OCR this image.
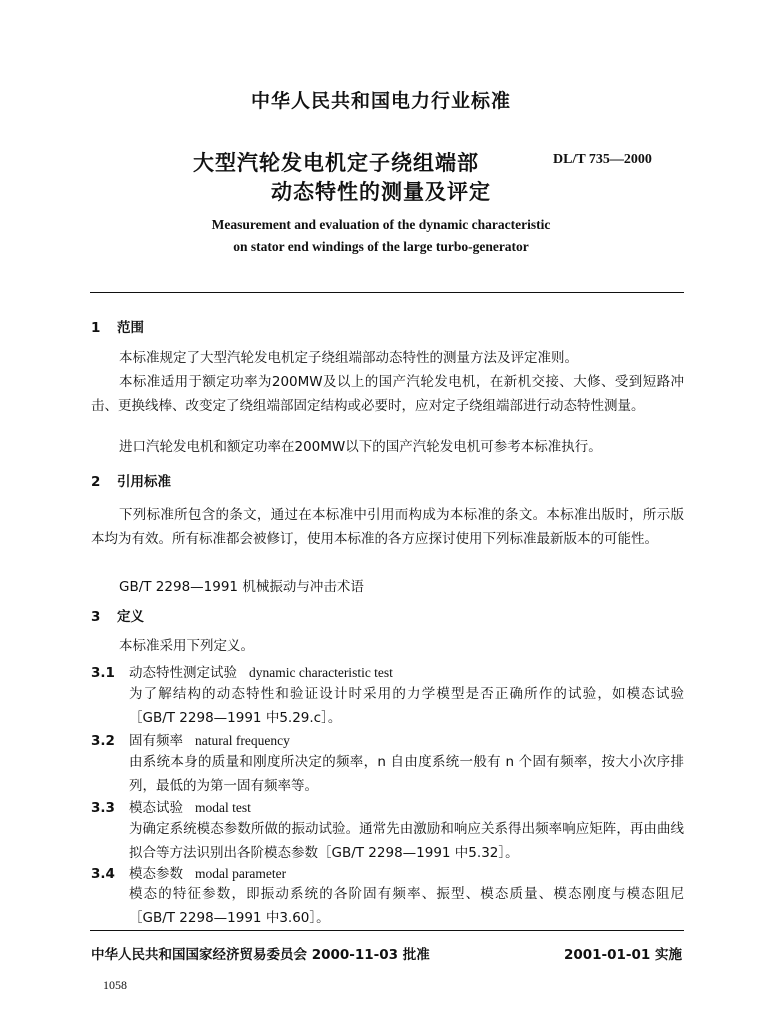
中华人民共和国电力行业标准
大型汽轮发电机定子绕组端部	DL/T 735—2000
动态特性的测量及评定
Measurement and evaluation of the dynamic characteristic
on stator end windings of the large turbo-generator
1 范围

本标准规定了大型汽轮发电机定子绕组端部动态特性的测量方法及评定准则。

本标准适用于额定功率为200MW及以上的国产汽轮发电机，在新机交接、大修、受到短路冲击、更换线棒、改变定了绕组端部固定结构或必要时，应对定子绕组端部进行动态特性测量。

进口汽轮发电机和额定功率在200MW以下的国产汽轮发电机可参考本标准执行。

2 引用标准

下列标准所包含的条文，通过在本标准中引用而构成为本标准的条文。本标准出版时，所示版本均为有效。所有标准都会被修订，使用本标准的各方应探讨使用下列标准最新版本的可能性。

GB/T 2298—1991 机械振动与冲击术语

3 定义

本标准采用下列定义。

3.1 动态特性测定试验 dynamic characteristic test

为了解结构的动态特性和验证设计时采用的力学模型是否正确所作的试验，如模态试验［GB/T 2298—1991 中5.29.c］。

3.2 固有频率 natural frequency

由系统本身的质量和刚度所决定的频率，n 自由度系统一般有 n 个固有频率，按大小次序排列，最低的为第一固有频率等。

3.3 模态试验 modal test

为确定系统模态参数所做的振动试验。通常先由激励和响应关系得出频率响应矩阵，再由曲线拟合等方法识别出各阶模态参数［GB/T 2298—1991 中5.32］。

3.4 模态参数 modal parameter

模态的特征参数，即振动系统的各阶固有频率、振型、模态质量、模态刚度与模态阻尼［GB/T 2298—1991 中3.60］。

中华人民共和国国家经济贸易委员会 2000-11-03 批准	2001-01-01 实施
1058
